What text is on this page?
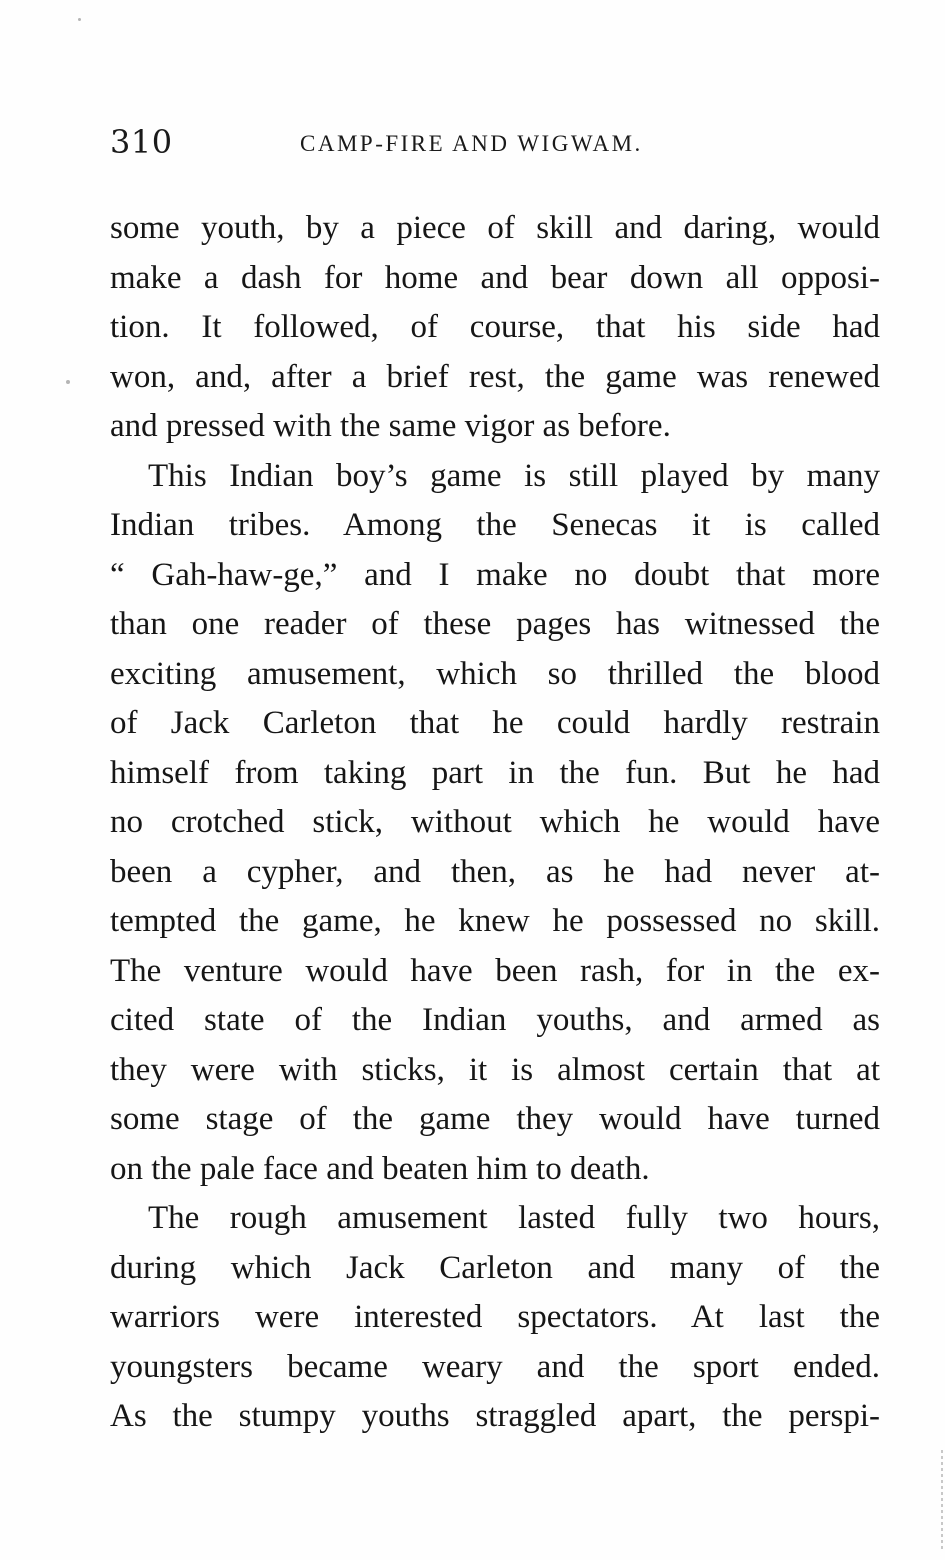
310	CAMP-FIRE AND WIGWAM.
some youth, by a piece of skill and daring, would
make a dash for home and bear down all opposi-
tion. It followed, of course, that his side had
won, and, after a brief rest, the game was renewed
and pressed with the same vigor as before.
This Indian boy’s game is still played by many
Indian tribes. Among the Senecas it is called
“ Gah-haw-ge,” and I make no doubt that more
than one reader of these pages has witnessed the
exciting amusement, which so thrilled the blood
of Jack Carleton that he could hardly restrain
himself from taking part in the fun. But he had
no crotched stick, without which he would have
been a cypher, and then, as he had never at-
tempted the game, he knew he possessed no skill.
The venture would have been rash, for in the ex-
cited state of the Indian youths, and armed as
they were with sticks, it is almost certain that at
some stage of the game they would have turned
on the pale face and beaten him to death.
The rough amusement lasted fully two hours,
during which Jack Carleton and many of the
warriors were interested spectators. At last the
youngsters became weary and the sport ended.
As the stumpy youths straggled apart, the perspi-
